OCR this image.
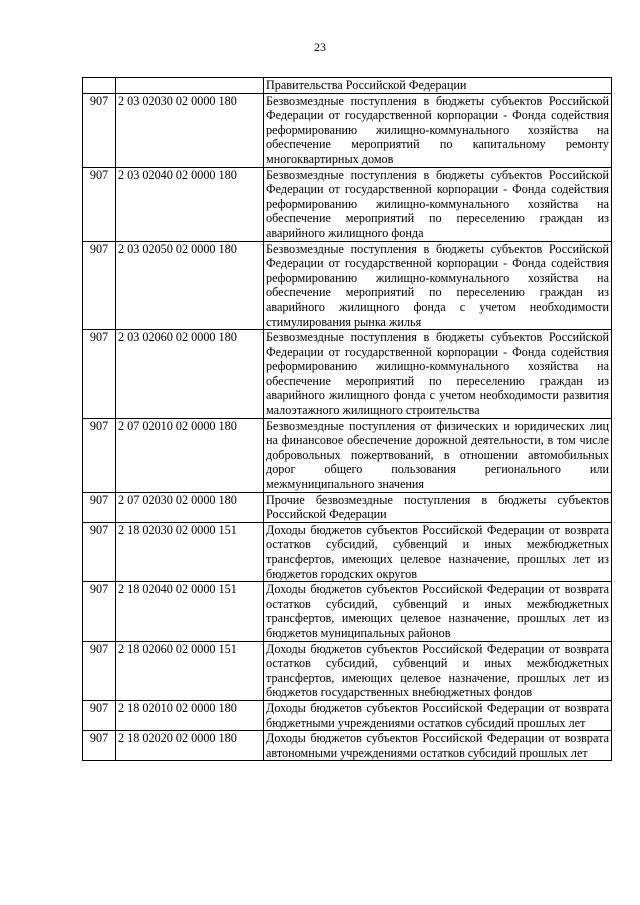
23
		Правительства Российской Федерации
907	2 03 02030 02 0000 180	Безвозмездные поступления в бюджеты субъектов Российской Федерации от государственной корпорации - Фонда содействия реформированию жилищно-коммунального хозяйства на обеспечение мероприятий по капитальному ремонту многоквартирных домов
907	2 03 02040 02 0000 180	Безвозмездные поступления в бюджеты субъектов Российской Федерации от государственной корпорации - Фонда содействия реформированию жилищно-коммунального хозяйства на обеспечение мероприятий по переселению граждан из аварийного жилищного фонда
907	2 03 02050 02 0000 180	Безвозмездные поступления в бюджеты субъектов Российской Федерации от государственной корпорации - Фонда содействия реформированию жилищно-коммунального хозяйства на обеспечение мероприятий по переселению граждан из аварийного жилищного фонда с учетом необходимости стимулирования рынка жилья
907	2 03 02060 02 0000 180	Безвозмездные поступления в бюджеты субъектов Российской Федерации от государственной корпорации - Фонда содействия реформированию жилищно-коммунального хозяйства на обеспечение мероприятий по переселению граждан из аварийного жилищного фонда с учетом необходимости развития малоэтажного жилищного строительства
907	2 07 02010 02 0000 180	Безвозмездные поступления от физических и юридических лиц на финансовое обеспечение дорожной деятельности, в том числе добровольных пожертвований, в отношении автомобильных дорог общего пользования регионального или межмуниципального значения
907	2 07 02030 02 0000 180	Прочие безвозмездные поступления в бюджеты субъектов Российской Федерации
907	2 18 02030 02 0000 151	Доходы бюджетов субъектов Российской Федерации от возврата остатков субсидий, субвенций и иных межбюджетных трансфертов, имеющих целевое назначение, прошлых лет из бюджетов городских округов
907	2 18 02040 02 0000 151	Доходы бюджетов субъектов Российской Федерации от возврата остатков субсидий, субвенций и иных межбюджетных трансфертов, имеющих целевое назначение, прошлых лет из бюджетов муниципальных районов
907	2 18 02060 02 0000 151	Доходы бюджетов субъектов Российской Федерации от возврата остатков субсидий, субвенций и иных межбюджетных трансфертов, имеющих целевое назначение, прошлых лет из бюджетов государственных внебюджетных фондов
907	2 18 02010 02 0000 180	Доходы бюджетов субъектов Российской Федерации от возврата бюджетными учреждениями остатков субсидий прошлых лет
907	2 18 02020 02 0000 180	Доходы бюджетов субъектов Российской Федерации от возврата автономными учреждениями остатков субсидий прошлых лет
